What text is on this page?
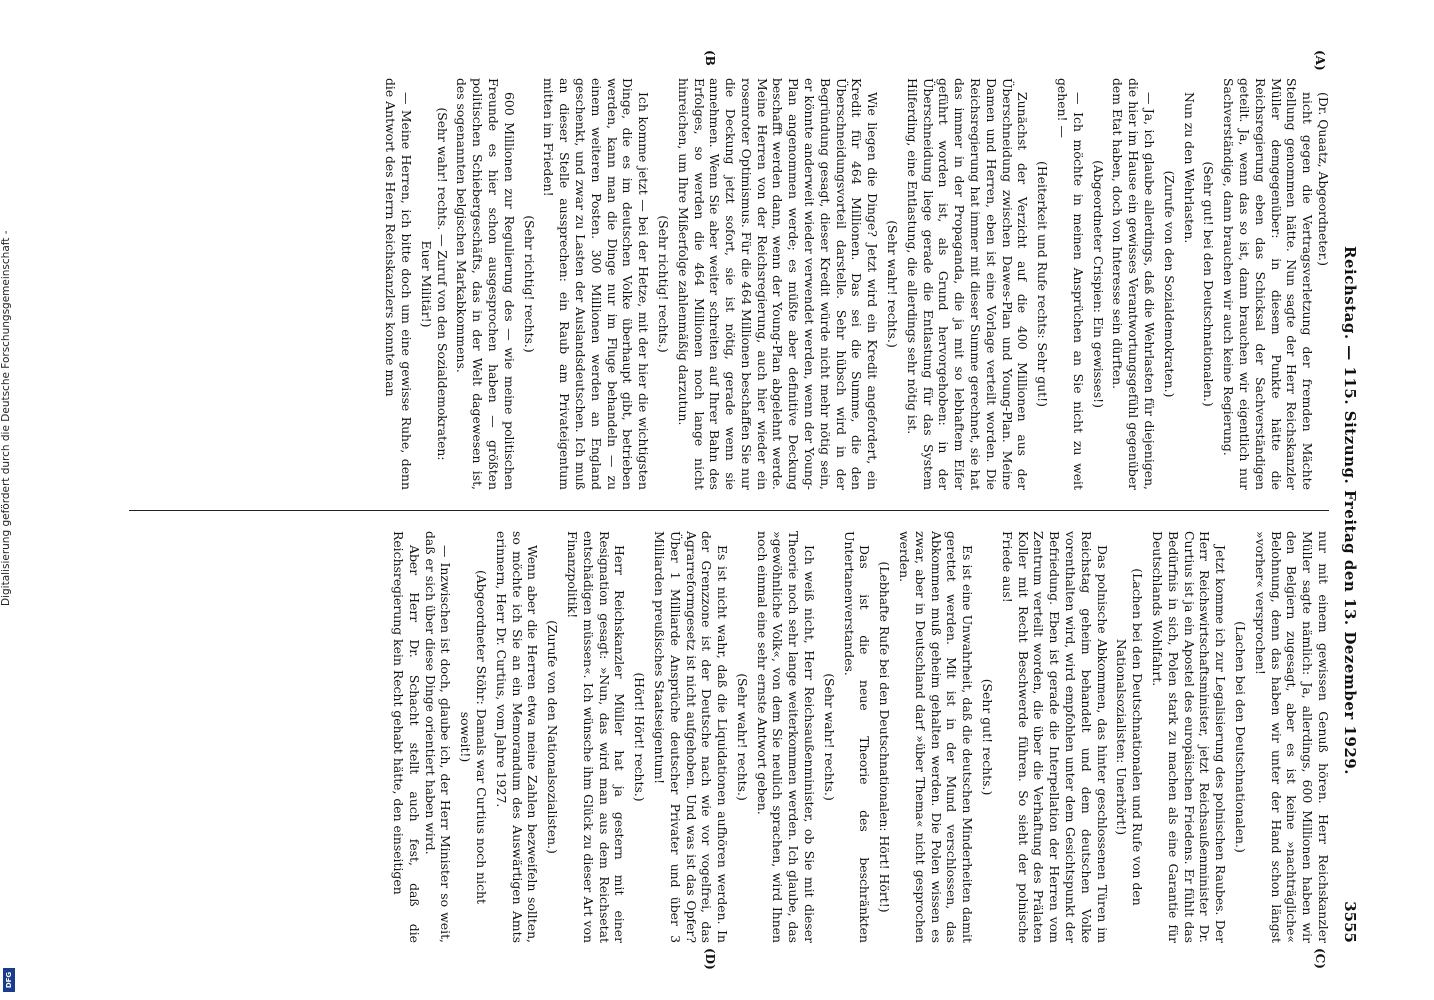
Reichstag. — 115. Sitzung. Freitag den 13. Dezember 1929.
3555
(A)
(B
(C)
(D)

(Dr. Quaatz, Abgeordneter.)

nicht gegen die Vertragsverletzung der fremden Mächte Stellung genommen hätte. Nun sagte der Herr Reichskanzler Müller demgegenüber: in diesem Punkte hätte die Reichsregierung eben das Schicksal der Sachverständigen geteilt. Ja, wenn das so ist, dann brauchen wir eigentlich nur Sachverständige, dann brauchen wir auch keine Regierung.

(Sehr gut! bei den Deutschnationalen.)

Nun zu den Wehrlasten.

(Zurufe von den Sozialdemokraten.)

— Ja, ich glaube allerdings, daß die Wehrlasten für diejenigen, die hier im Hause ein gewisses Verantwortungsgefühl gegenüber dem Etat haben, doch von Interesse sein dürften.

(Abgeordneter Crispien: Ein gewisses!)

— Ich möchte in meinen Ansprüchen an Sie nicht zu weit gehen! —

(Heiterkeit und Rufe rechts: Sehr gut!)

Zunächst der Verzicht auf die 400 Millionen aus der Überschneidung zwischen Dawes-Plan und Young-Plan. Meine Damen und Herren, eben ist eine Vorlage verteilt worden. Die Reichsregierung hat immer mit dieser Summe gerechnet, sie hat das immer in der Propaganda, die ja mit so lebhaftem Eifer geführt worden ist, als Grund hervorgehoben: in der Überschneidung liege gerade die Entlastung für das System Hilferding, eine Entlastung, die allerdings sehr nötig ist.

(Sehr wahr! rechts.)

Wie liegen die Dinge? Jetzt wird ein Kredit angefordert, ein Kredit für 464 Millionen. Das sei die Summe, die den Überschneidungsvorteil darstelle. Sehr hübsch wird in der Begründung gesagt, dieser Kredit würde nicht mehr nötig sein, er könnte anderweit wieder verwendet werden, wenn der Young-Plan angenommen werde; es müßte aber definitive Deckung beschafft werden dann, wenn der Young-Plan abgelehnt werde. Meine Herren von der Reichsregierung, auch hier wieder ein rosenroter Optimismus. Für die 464 Millionen beschaffen Sie nur die Deckung jetzt sofort, sie ist nötig, gerade wenn sie annehmen. Wenn Sie aber weiter schreiten auf Ihrer Bahn des Erfolges, so werden die 464 Millionen noch lange nicht hinreichen, um Ihre Mißerfolge zahlenmäßig darzutun.

(Sehr richtig! rechts.)

Ich komme jetzt — bei der Hetze, mit der hier die wichtigsten Dinge, die es im deutschen Volke überhaupt gibt, betrieben werden, kann man die Dinge nur im Fluge behandeln — zu einem weiteren Posten. 300 Millionen werden an England geschenkt, und zwar zu Lasten der Auslandsdeutschen. Ich muß an dieser Stelle aussprechen: ein Raub am Privateigentum mitten im Frieden!

(Sehr richtig! rechts.)

600 Millionen zur Regulierung des — wie meine politischen Freunde es hier schon ausgesprochen haben — größten politischen Schiebergeschäfts, das in der Welt dagewesen ist, des sogenannten belgischen Markabkommens.

(Sehr wahr! rechts. — Zuruf von den Sozialdemokraten: Euer Militär!)

— Meine Herren, ich bitte doch um eine gewisse Ruhe, denn die Antwort des Herrn Reichskanzlers konnte man

nur mit einem gewissen Genuß hören. Herr Reichskanzler Müller sagte nämlich: Ja, allerdings, 600 Millionen haben wir den Belgiern zugesagt, aber es ist keine »nachträgliche« Belohnung, denn das haben wir unter der Hand schon längst »vorher« versprochen!

(Lachen bei den Deutschnationalen.)

Jetzt komme ich zur Legalisierung des polnischen Raubes. Der Herr Reichswirtschaftsminister, jetzt Reichsaußenminister Dr. Curtius ist ja ein Apostel des europäischen Friedens. Er fühlt das Bedürfnis in sich, Polen stark zu machen als eine Garantie für Deutschlands Wohlfahrt.

(Lachen bei den Deutschnationalen und Rufe von den Nationalsozialisten: Unerhört!)

Das polnische Abkommen, das hinter geschlossenen Türen im Reichstag geheim behandelt und dem deutschen Volke vorenthalten wird, wird empfohlen unter dem Gesichtspunkt der Befriedung. Eben ist gerade die Interpellation der Herren vom Zentrum verteilt worden, die über die Verhaftung des Prälaten Koller mit Recht Beschwerde führen. So sieht der polnische Friede aus!

(Sehr gut! rechts.)

Es ist eine Unwahrheit, daß die deutschen Minderheiten damit gerettet werden. Mit ist in der Mund verschlossen, das Abkommen muß geheim gehalten werden. Die Polen wissen es zwar, aber in Deutschland darf »über Thema« nicht gesprochen werden.

(Lebhafte Rufe bei den Deutschnationalen: Hört! Hört!)

Das ist die neue Theorie des beschränkten Untertanenverstandes.

(Sehr wahr! rechts.)

Ich weiß nicht, Herr Reichsaußenminister, ob Sie mit dieser Theorie noch sehr lange weiterkommen werden. Ich glaube, das »gewöhnliche Volk«, von dem Sie neulich sprachen, wird Ihnen noch einmal eine sehr ernste Antwort geben.

(Sehr wahr! rechts.)

Es ist nicht wahr, daß die Liquidationen aufhören werden. In der Grenzzone ist der Deutsche nach wie vor vogelfrei, das Agrarreformgesetz ist nicht aufgehoben. Und was ist das Opfer? Über 1 Milliarde Ansprüche deutscher Privater und über 3 Milliarden preußisches Staatseigentum!

(Hört! Hört! rechts.)

Herr Reichskanzler Müller hat ja gestern mit einer Resignation gesagt: »Nun, das wird man aus dem Reichsetat entschädigen müssen«. Ich wünsche ihm Glück zu dieser Art von Finanzpolitik!

(Zurufe von den Nationalsozialisten.)

Wenn aber die Herren etwa meine Zahlen bezweifeln sollten, so möchte ich Sie an ein Memorandum des Auswärtigen Amts erinnern, Herr Dr. Curtius, vom Jahre 1927.

(Abgeordneter Stöhr: Damals war Curtius noch nicht soweit!)

— Inzwischen ist doch, glaube ich, der Herr Minister so weit, daß er sich über diese Dinge orientiert haben wird.

Aber Herr Dr. Schacht stellt auch fest, daß die Reichsregierung kein Recht gehabt hätte, den einseitigen

Digitalisierung gefördert durch die Deutsche Forschungsgemeinschaft -
DFG
